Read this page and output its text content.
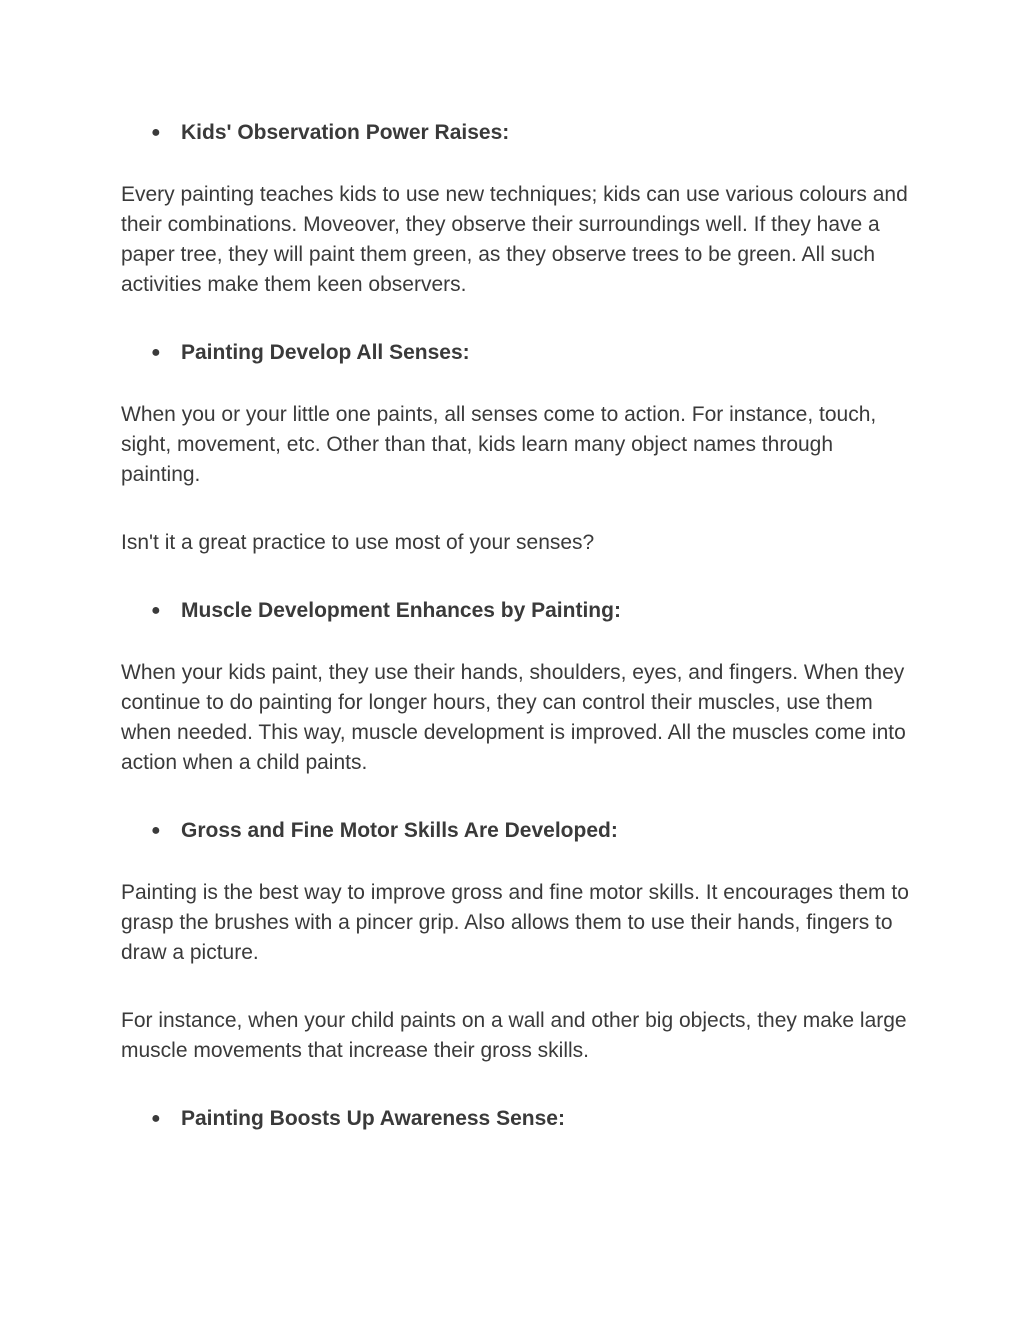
● Kids' Observation Power Raises:

Every painting teaches kids to use new techniques; kids can use various colours and their combinations. Moveover, they observe their surroundings well. If they have a paper tree, they will paint them green, as they observe trees to be green. All such activities make them keen observers.

● Painting Develop All Senses:

When you or your little one paints, all senses come to action. For instance, touch, sight, movement, etc. Other than that, kids learn many object names through painting.

Isn't it a great practice to use most of your senses?

● Muscle Development Enhances by Painting:

When your kids paint, they use their hands, shoulders, eyes, and fingers. When they continue to do painting for longer hours, they can control their muscles, use them when needed. This way, muscle development is improved. All the muscles come into action when a child paints.

● Gross and Fine Motor Skills Are Developed:

Painting is the best way to improve gross and fine motor skills. It encourages them to grasp the brushes with a pincer grip. Also allows them to use their hands, fingers to draw a picture.

For instance, when your child paints on a wall and other big objects, they make large muscle movements that increase their gross skills.

● Painting Boosts Up Awareness Sense:
